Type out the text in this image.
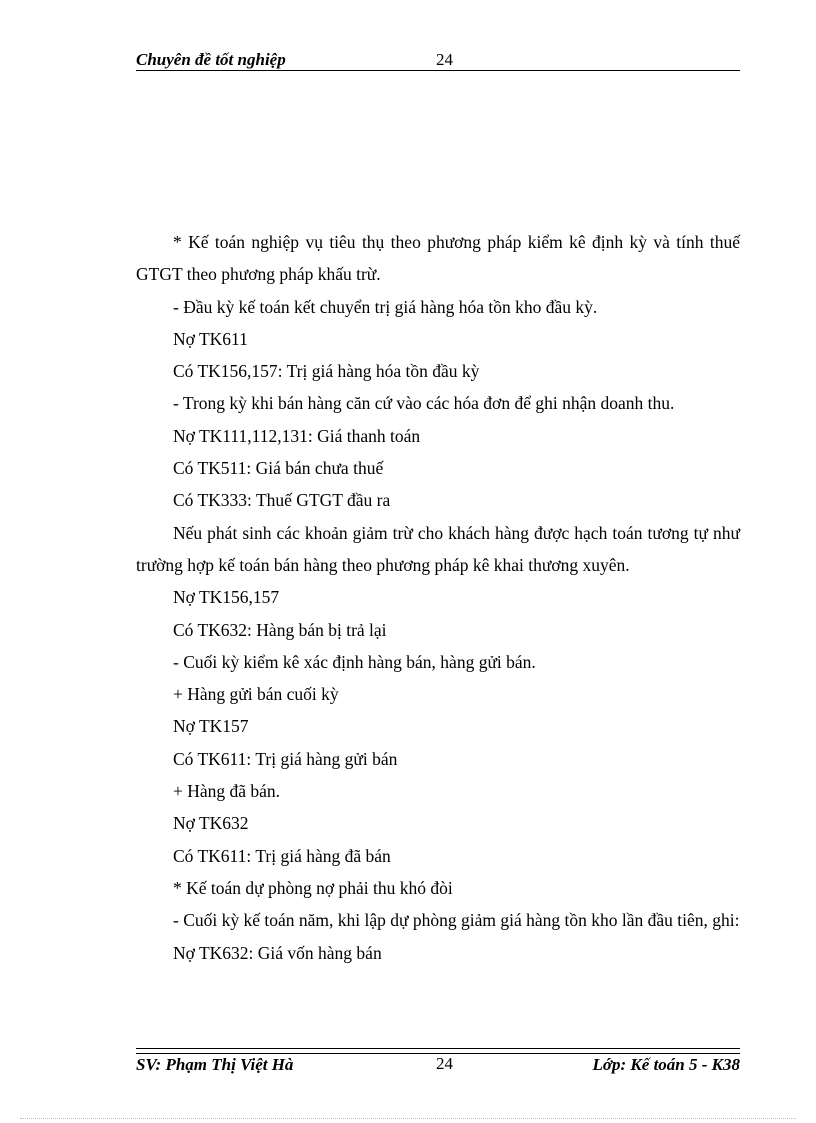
Chuyên đề tốt nghiệp	24

* Kế toán nghiệp vụ tiêu thụ theo phương pháp kiểm kê định kỳ và tính thuế GTGT theo phương pháp khấu trừ.

- Đầu kỳ kế toán kết chuyển trị giá hàng hóa tồn kho đầu kỳ.

Nợ TK611

Có TK156,157: Trị giá hàng hóa tồn đầu kỳ

- Trong kỳ khi bán hàng căn cứ vào các hóa đơn để ghi nhận doanh thu.

Nợ TK111,112,131: Giá thanh toán

Có TK511: Giá bán chưa thuế

Có TK333: Thuế GTGT đầu ra

Nếu phát sinh các khoản giảm trừ cho khách hàng được hạch toán tương tự như trường hợp kế toán bán hàng theo phương pháp kê khai thương xuyên.

Nợ TK156,157

Có TK632: Hàng bán bị trả lại

- Cuối kỳ kiểm kê xác định hàng bán, hàng gửi bán.

+ Hàng gửi bán cuối kỳ

Nợ TK157

Có TK611: Trị giá hàng gửi bán

+ Hàng đã bán.

Nợ TK632

Có TK611: Trị giá hàng đã bán

* Kế toán dự phòng nợ phải thu khó đòi

- Cuối kỳ kế toán năm, khi lập dự phòng giảm giá hàng tồn kho lần đầu tiên, ghi:

Nợ TK632: Giá vốn hàng bán

SV: Phạm Thị Việt Hà	24	Lớp: Kế toán 5 - K38
